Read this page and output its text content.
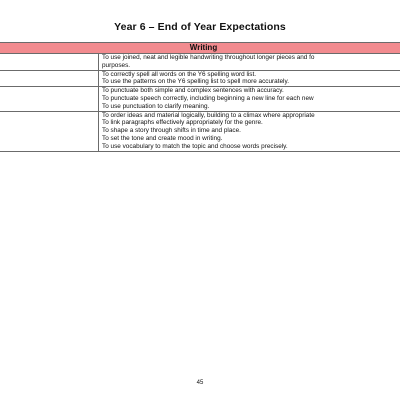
Year 6 – End of Year Expectations
Writing	

	To use joined, neat and legible handwriting throughout longer pieces and fo
purposes.

	To correctly spell all words on the Y6 spelling word list.
To use the patterns on the Y6 spelling list to spell more accurately.

	To punctuate both simple and complex sentences with accuracy.
To punctuate speech correctly, including beginning a new line for each new
To use punctuation to clarify meaning.

	To order ideas and material logically, building to a climax where appropriate
To link paragraphs effectively appropriately for the genre.
To shape a story through shifts in time and place.
To set the tone and create mood in writing.
To use vocabulary to match the topic and choose words precisely.
45
